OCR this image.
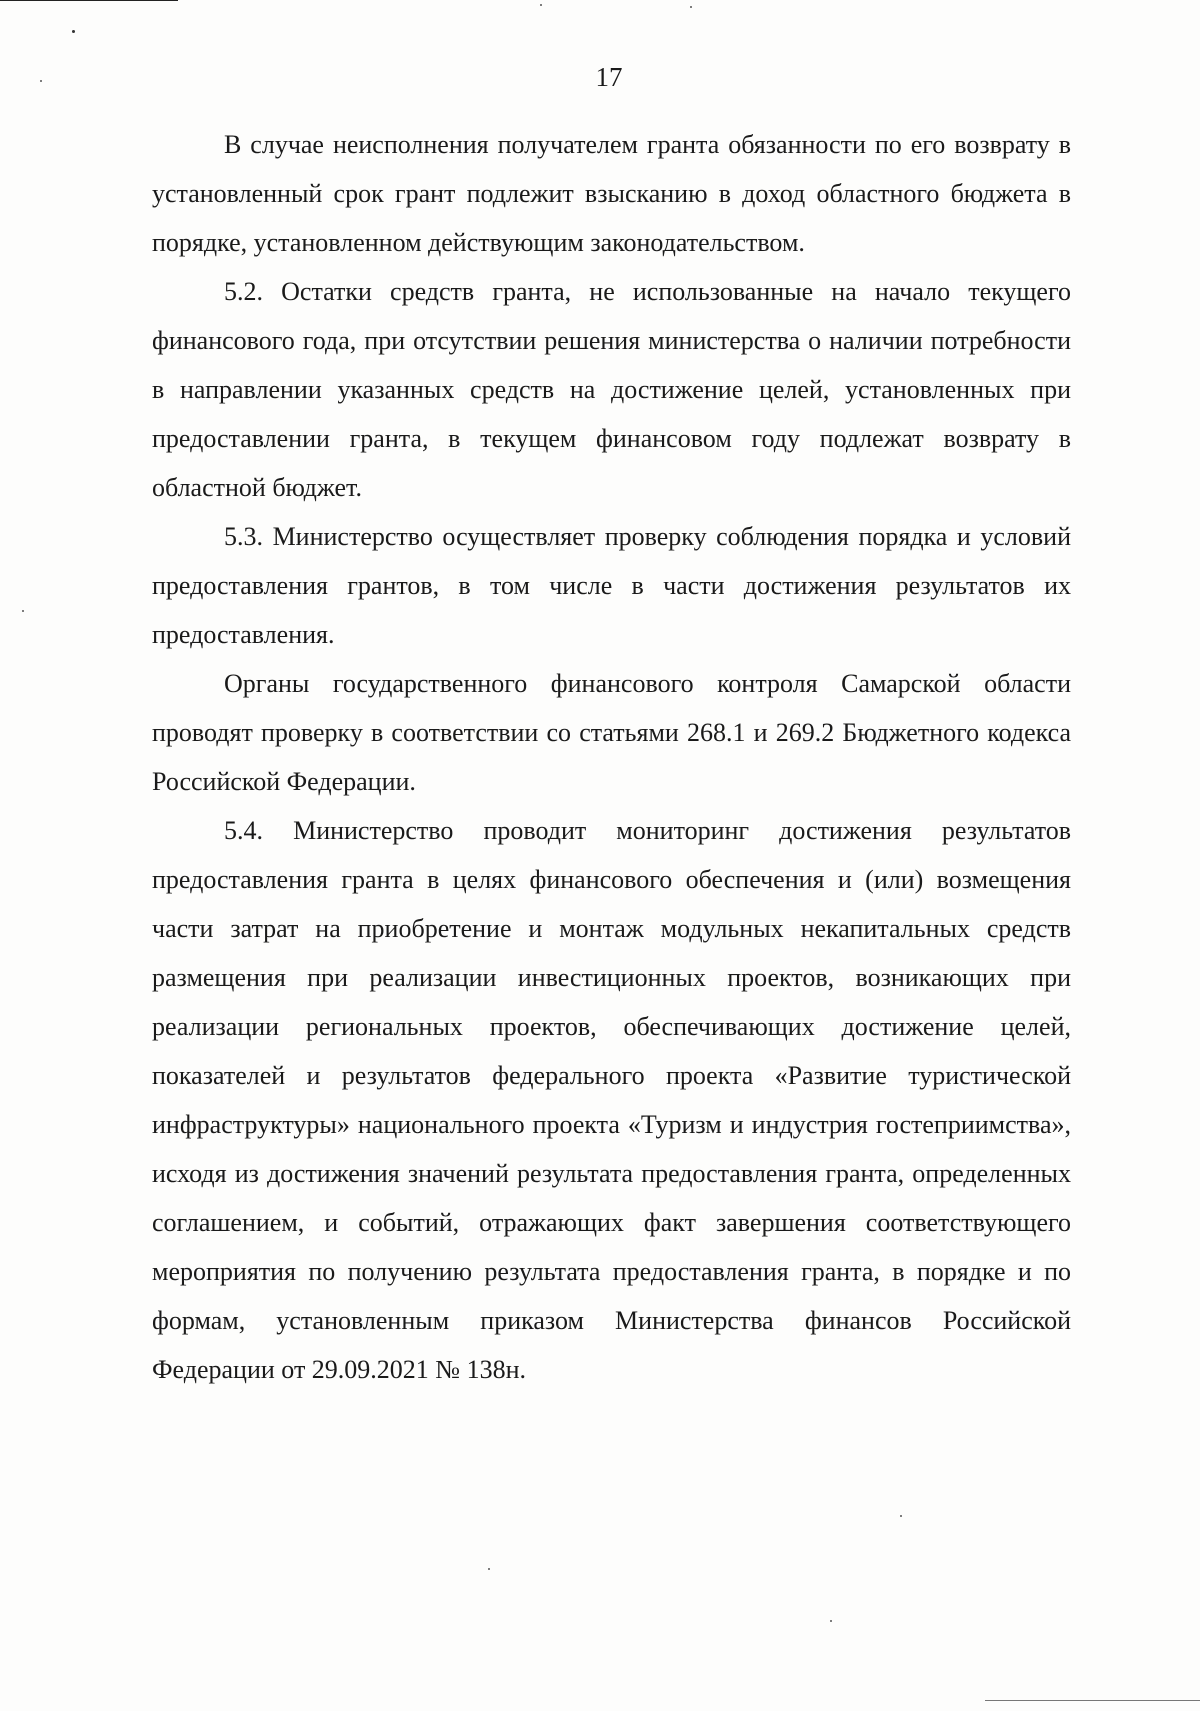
17

В случае неисполнения получателем гранта обязанности по его возврату в установленный срок грант подлежит взысканию в доход областного бюджета в порядке, установленном действующим законодательством.

5.2. Остатки средств гранта, не использованные на начало текущего финансового года, при отсутствии решения министерства о наличии потребности в направлении указанных средств на достижение целей, установленных при предоставлении гранта, в текущем финансовом году подлежат возврату в областной бюджет.

5.3. Министерство осуществляет проверку соблюдения порядка и условий предоставления грантов, в том числе в части достижения результатов их предоставления.

Органы государственного финансового контроля Самарской области проводят проверку в соответствии со статьями 268.1 и 269.2 Бюджетного кодекса Российской Федерации.

5.4. Министерство проводит мониторинг достижения результатов предоставления гранта в целях финансового обеспечения и (или) возмещения части затрат на приобретение и монтаж модульных некапитальных средств размещения при реализации инвестиционных проектов, возникающих при реализации региональных проектов, обеспечивающих достижение целей, показателей и результатов федерального проекта «Развитие туристической инфраструктуры» национального проекта «Туризм и индустрия гостеприимства», исходя из достижения значений результата предоставления гранта, определенных соглашением, и событий, отражающих факт завершения соответствующего мероприятия по получению результата предоставления гранта, в порядке и по формам, установленным приказом Министерства финансов Российской Федерации от 29.09.2021 № 138н.
